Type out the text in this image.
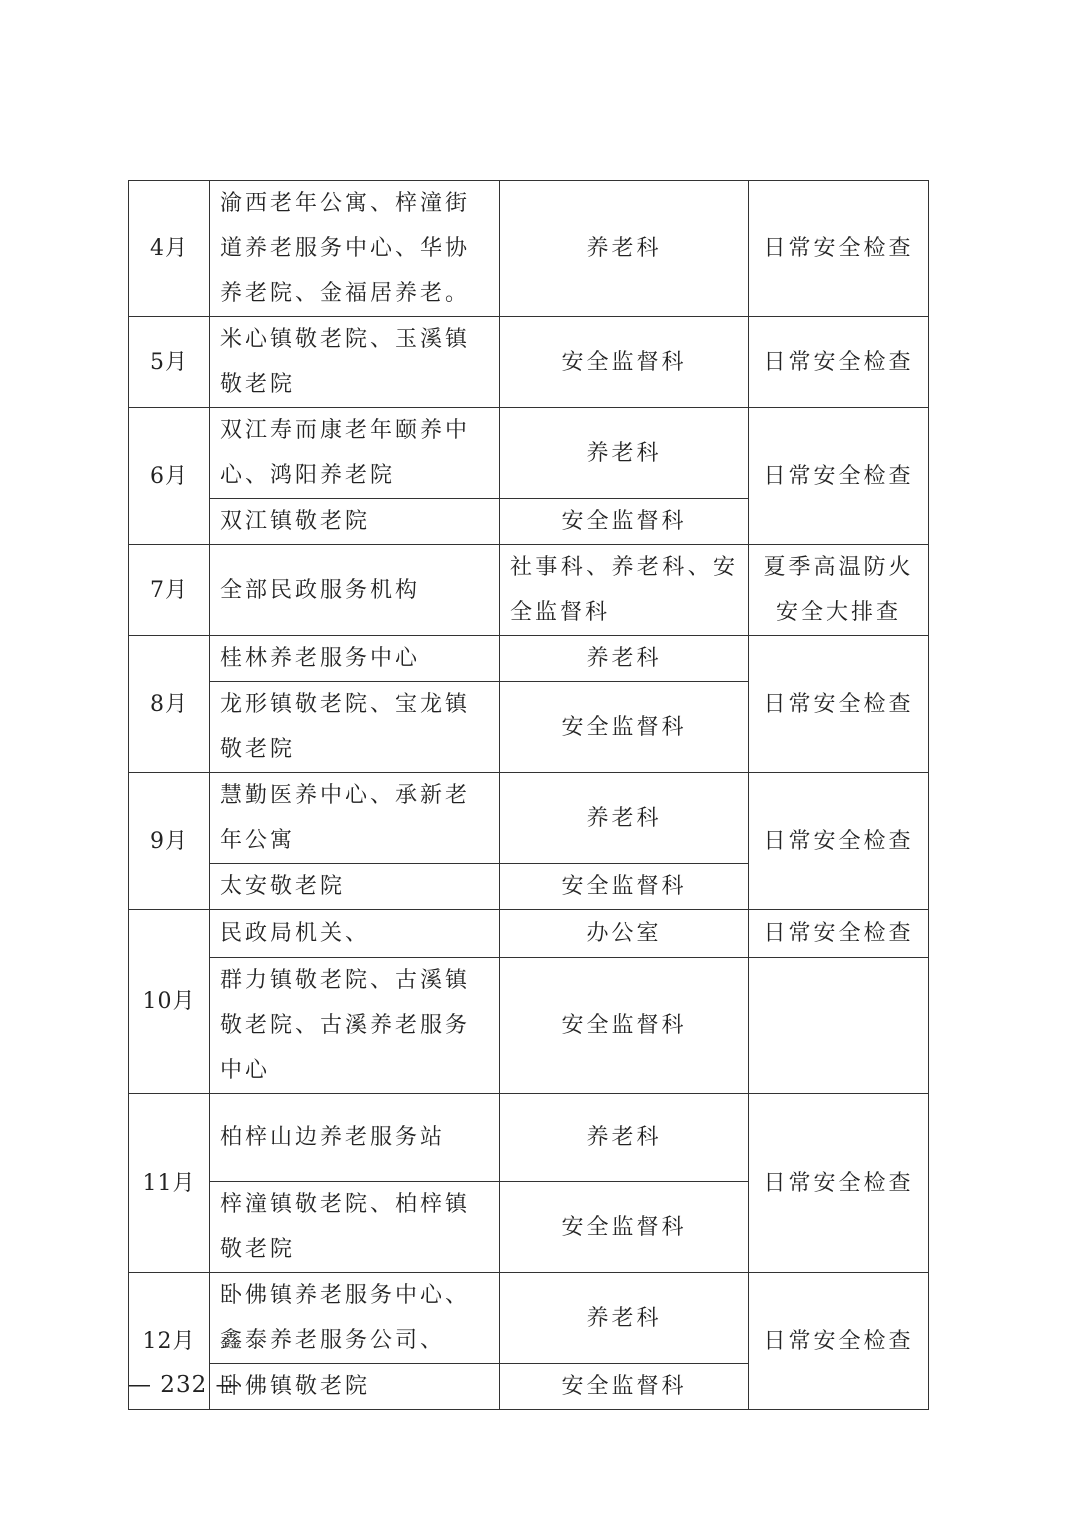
4月	渝西老年公寓、梓潼街道养老服务中心、华协养老院、金福居养老。	养老科	日常安全检查
5月	米心镇敬老院、玉溪镇敬老院	安全监督科	日常安全检查
6月	双江寿而康老年颐养中心、鸿阳养老院	养老科	日常安全检查
	双江镇敬老院	安全监督科	
7月	全部民政服务机构	社事科、养老科、安全监督科	夏季高温防火安全大排查
8月	桂林养老服务中心	养老科	日常安全检查
	龙形镇敬老院、宝龙镇敬老院	安全监督科	
9月	慧勤医养中心、承新老年公寓	养老科	日常安全检查
	太安敬老院	安全监督科	
10月	民政局机关、	办公室	日常安全检查
	群力镇敬老院、古溪镇敬老院、古溪养老服务中心	安全监督科	
11月	柏梓山边养老服务站	养老科	日常安全检查
	梓潼镇敬老院、柏梓镇敬老院	安全监督科	
12月	卧佛镇养老服务中心、鑫泰养老服务公司、	养老科	日常安全检查
	卧佛镇敬老院	安全监督科	
— 232 —
